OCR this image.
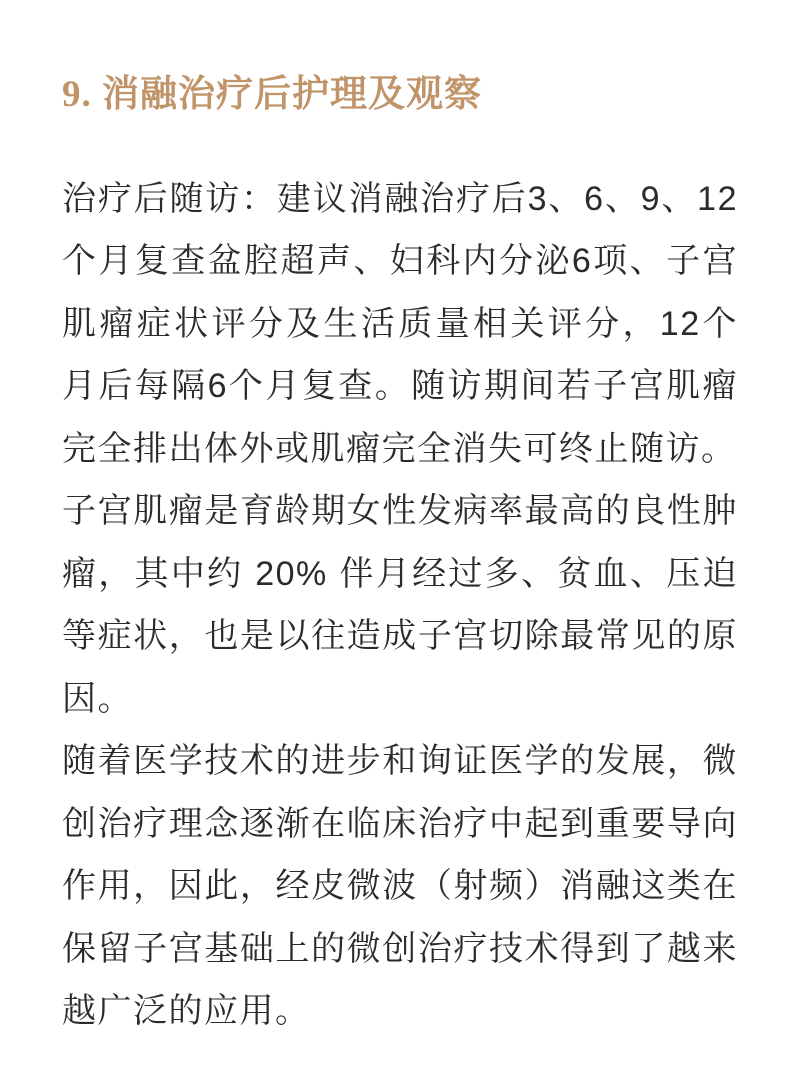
9. 消融治疗后护理及观察

治疗后随访：建议消融治疗后3、6、9、12个月复查盆腔超声、妇科内分泌6项、子宫肌瘤症状评分及生活质量相关评分，12个月后每隔6个月复查。随访期间若子宫肌瘤完全排出体外或肌瘤完全消失可终止随访。

子宫肌瘤是育龄期女性发病率最高的良性肿瘤，其中约 20% 伴月经过多、贫血、压迫等症状，也是以往造成子宫切除最常见的原因。

随着医学技术的进步和询证医学的发展，微创治疗理念逐渐在临床治疗中起到重要导向作用，因此，经皮微波（射频）消融这类在保留子宫基础上的微创治疗技术得到了越来越广泛的应用。
